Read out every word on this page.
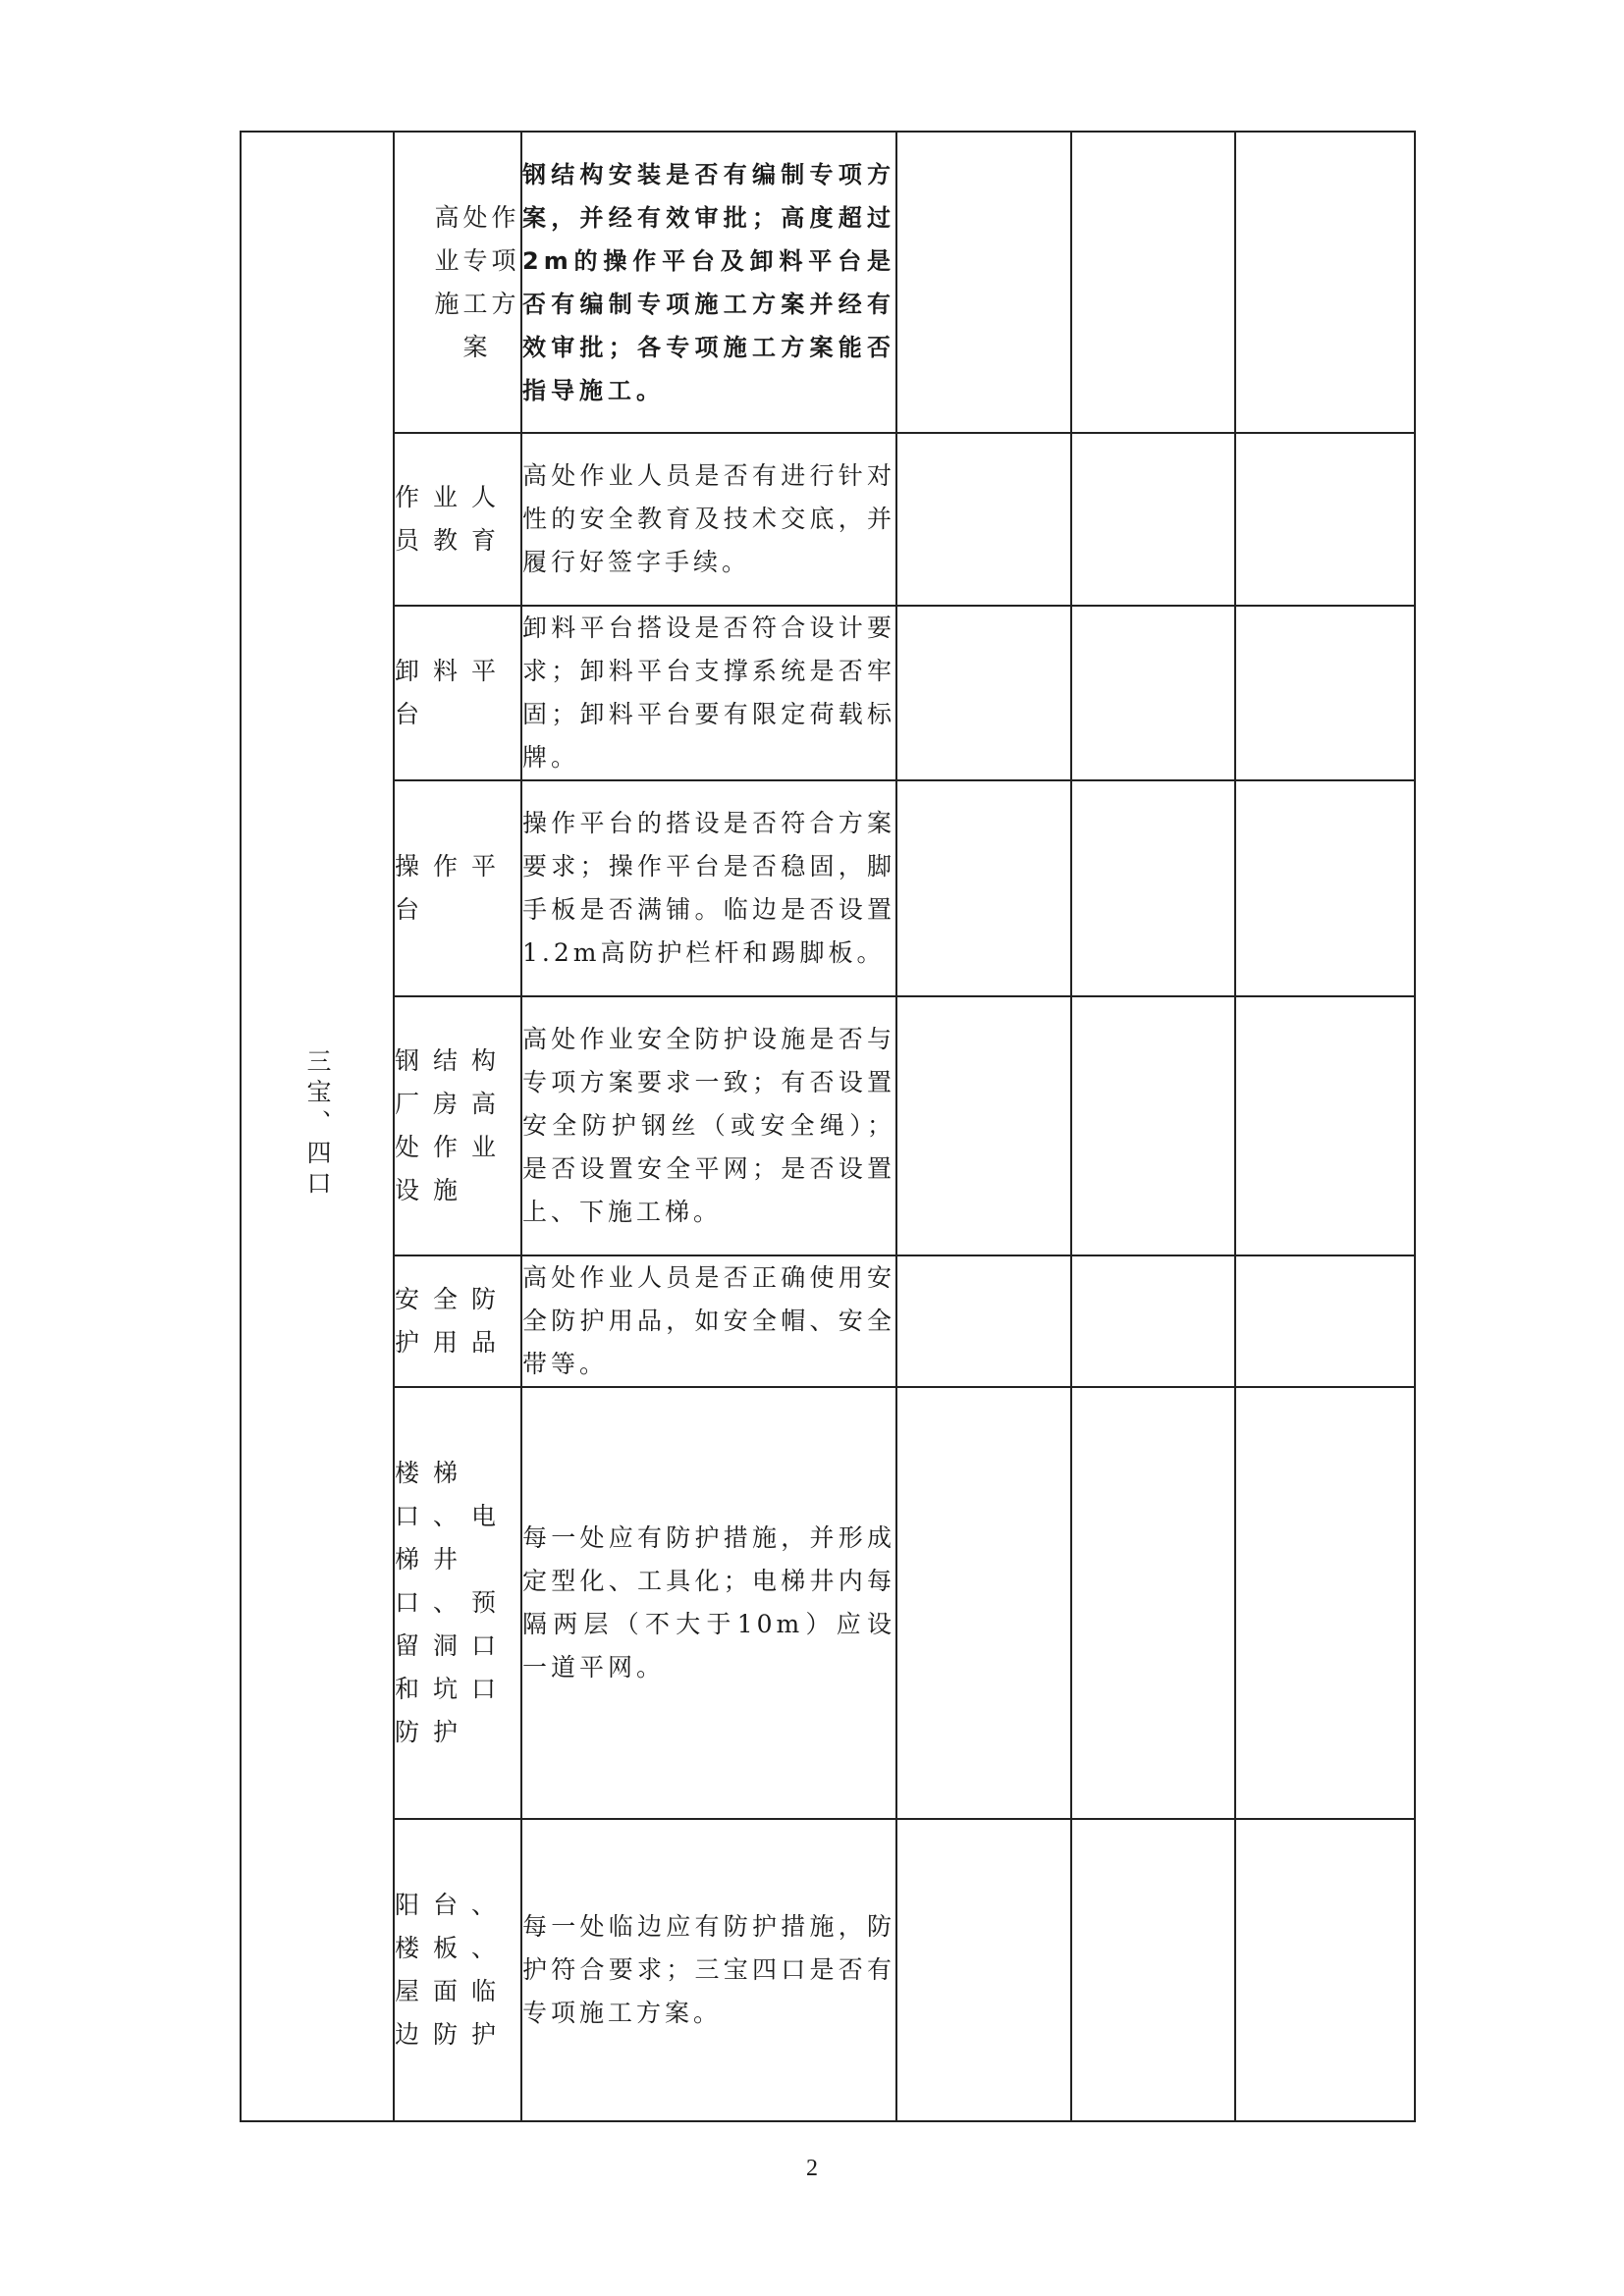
三宝、四口	高处作业专项施工方案	钢结构安装是否有编制专项方案，并经有效审批；高度超过2m的操作平台及卸料平台是否有编制专项施工方案并经有效审批；各专项施工方案能否指导施工。			

	作业人员教育	高处作业人员是否有进行针对性的安全教育及技术交底，并履行好签字手续。			

	卸料平台	卸料平台搭设是否符合设计要求；卸料平台支撑系统是否牢固；卸料平台要有限定荷载标牌。			

	操作平台	操作平台的搭设是否符合方案要求；操作平台是否稳固，脚手板是否满铺。临边是否设置1.2m高防护栏杆和踢脚板。			

	钢结构厂房高处作业设施	高处作业安全防护设施是否与专项方案要求一致；有否设置安全防护钢丝（或安全绳）；是否设置安全平网；是否设置上、下施工梯。			

	安全防护用品	高处作业人员是否正确使用安全防护用品，如安全帽、安全带等。			

	楼梯口、电梯井口、预留洞口和坑口防护	每一处应有防护措施，并形成定型化、工具化；电梯井内每隔两层（不大于10m）应设一道平网。			

	阳台、楼板、屋面临边防护	每一处临边应有防护措施，防护符合要求；三宝四口是否有专项施工方案。			
2
